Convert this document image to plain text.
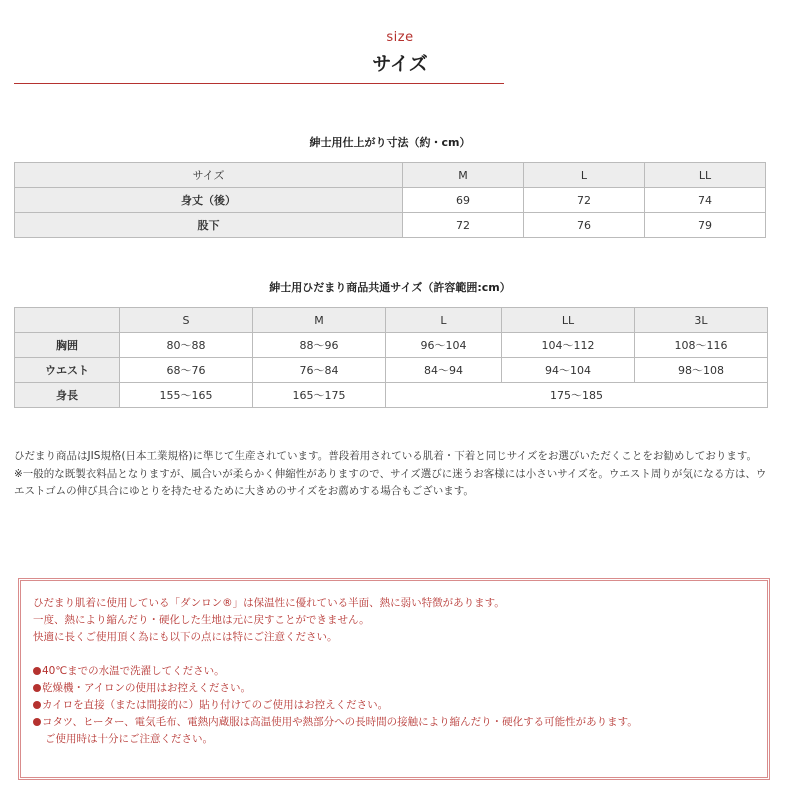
size
サイズ
紳士用仕上がり寸法（約・cm）
サイズ	M	L	LL
身丈（後）	69	72	74
股下	72	76	79
紳士用ひだまり商品共通サイズ（許容範囲:cm）
	S	M	L	LL	3L
胸囲	80～88	88～96	96～104	104～112	108～116
ウエスト	68～76	76～84	84～94	94～104	98～108
身長	155～165	165～175	175～185		

ひだまり商品はJIS規格(日本工業規格)に準じて生産されています。普段着用されている肌着・下着と同じサイズをお選びいただくことをお勧めしております。

※一般的な既製衣料品となりますが、風合いが柔らかく伸縮性がありますので、サイズ選びに迷うお客様には小さいサイズを。ウエスト周りが気になる方は、ウエストゴムの伸び具合にゆとりを持たせるために大きめのサイズをお薦めする場合もございます。

ひだまり肌着に使用している「ダンロン®」は保温性に優れている半面、熱に弱い特徴があります。

一度、熱により縮んだり・硬化した生地は元に戻すことができません。

快適に長くご使用頂く為にも以下の点には特にご注意ください。

40℃までの水温で洗濯してください。

乾燥機・アイロンの使用はお控えください。

カイロを直接（または間接的に）貼り付けてのご使用はお控えください。

コタツ、ヒーター、電気毛布、電熱内蔵服は高温使用や熱部分への長時間の接触により縮んだり・硬化する可能性があります。

ご使用時は十分にご注意ください。
